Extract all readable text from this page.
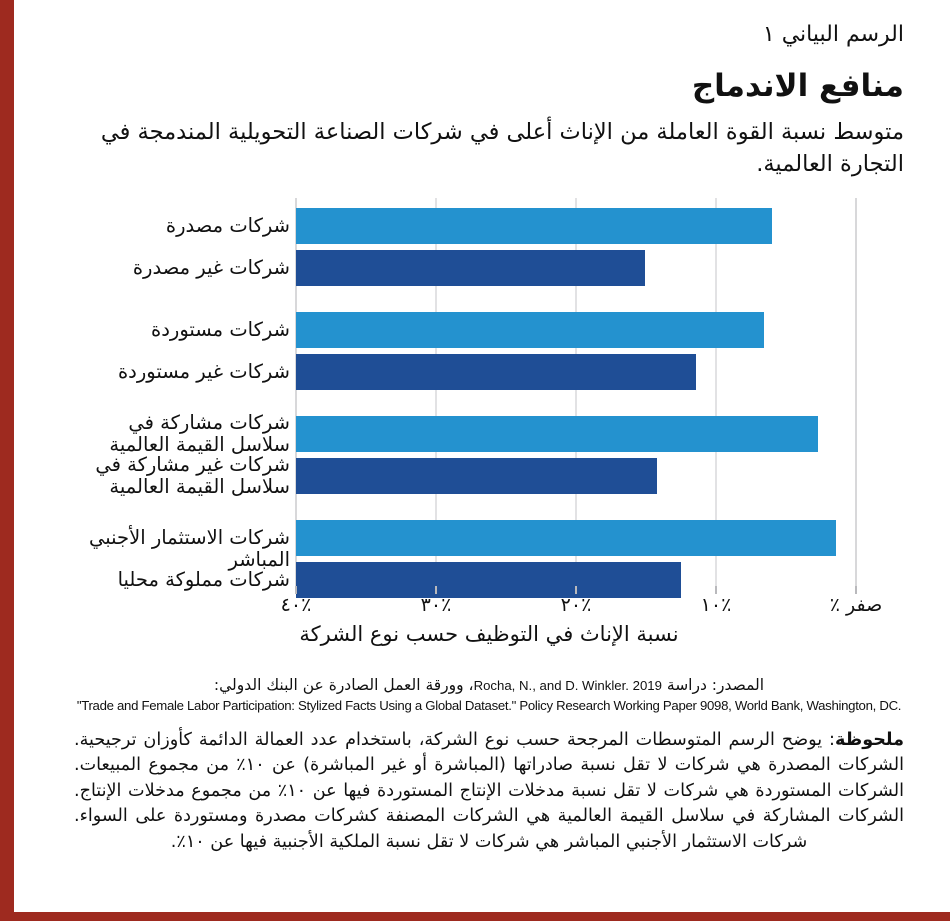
الرسم البياني ١
منافع الاندماج
متوسط نسبة القوة العاملة من الإناث أعلى في شركات الصناعة التحويلية المندمجة في التجارة العالمية.
شركات مصدرة
شركات غير مصدرة
شركات مستوردة
شركات غير مستوردة
شركات مشاركة في
سلاسل القيمة العالمية
شركات غير مشاركة في
سلاسل القيمة العالمية
شركات الاستثمار الأجنبي المباشر
شركات مملوكة محليا
صفر ٪
٪١٠
٪٢٠
٪٣٠
٪٤٠
نسبة الإناث في التوظيف حسب نوع الشركة
المصدر: دراسة Rocha, N., and D. Winkler. 2019، وورقة العمل الصادرة عن البنك الدولي:
"Trade and Female Labor Participation: Stylized Facts Using a Global Dataset." Policy Research Working Paper 9098, World Bank, Washington, DC.
ملحوظة: يوضح الرسم المتوسطات المرجحة حسب نوع الشركة، باستخدام عدد العمالة الدائمة كأوزان ترجيحية. الشركات المصدرة هي شركات لا تقل نسبة صادراتها (المباشرة أو غير المباشرة) عن ١٠٪ من مجموع المبيعات. الشركات المستوردة هي شركات لا تقل نسبة مدخلات الإنتاج المستوردة فيها عن ١٠٪ من مجموع مدخلات الإنتاج. الشركات المشاركة في سلاسل القيمة العالمية هي الشركات المصنفة كشركات مصدرة ومستوردة على السواء. شركات الاستثمار الأجنبي المباشر هي شركات لا تقل نسبة الملكية الأجنبية فيها عن ١٠٪.
